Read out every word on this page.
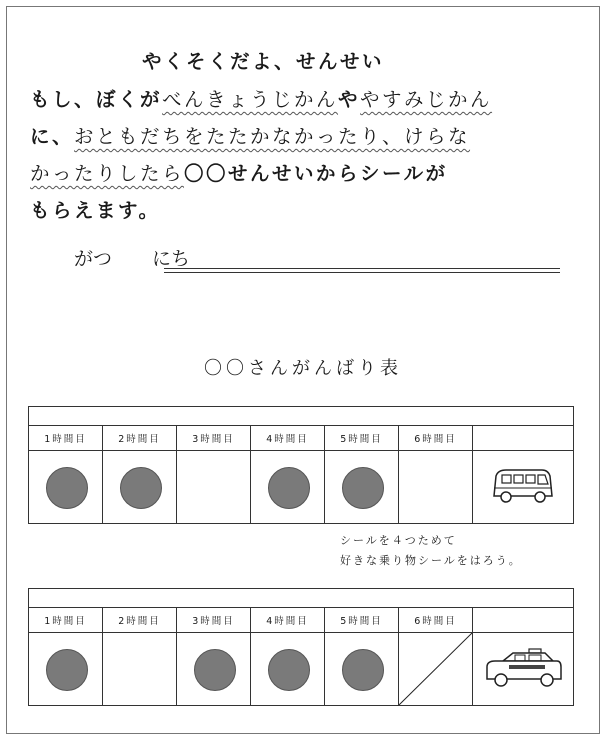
やくそくだよ、せんせい
もし、ぼくがべんきょうじかんややすみじかん
に、おともだちをたたかなかったり、けらな
かったりしたら〇〇せんせいからシールが
もらえます。
がつ にち
〇〇さんがんばり表
1時間目	2時間目	3時間目	4時間目	5時間目	6時間目
シールを４つためて
好きな乗り物シールをはろう。
1時間目	2時間目	3時間目	4時間目	5時間目	6時間目
